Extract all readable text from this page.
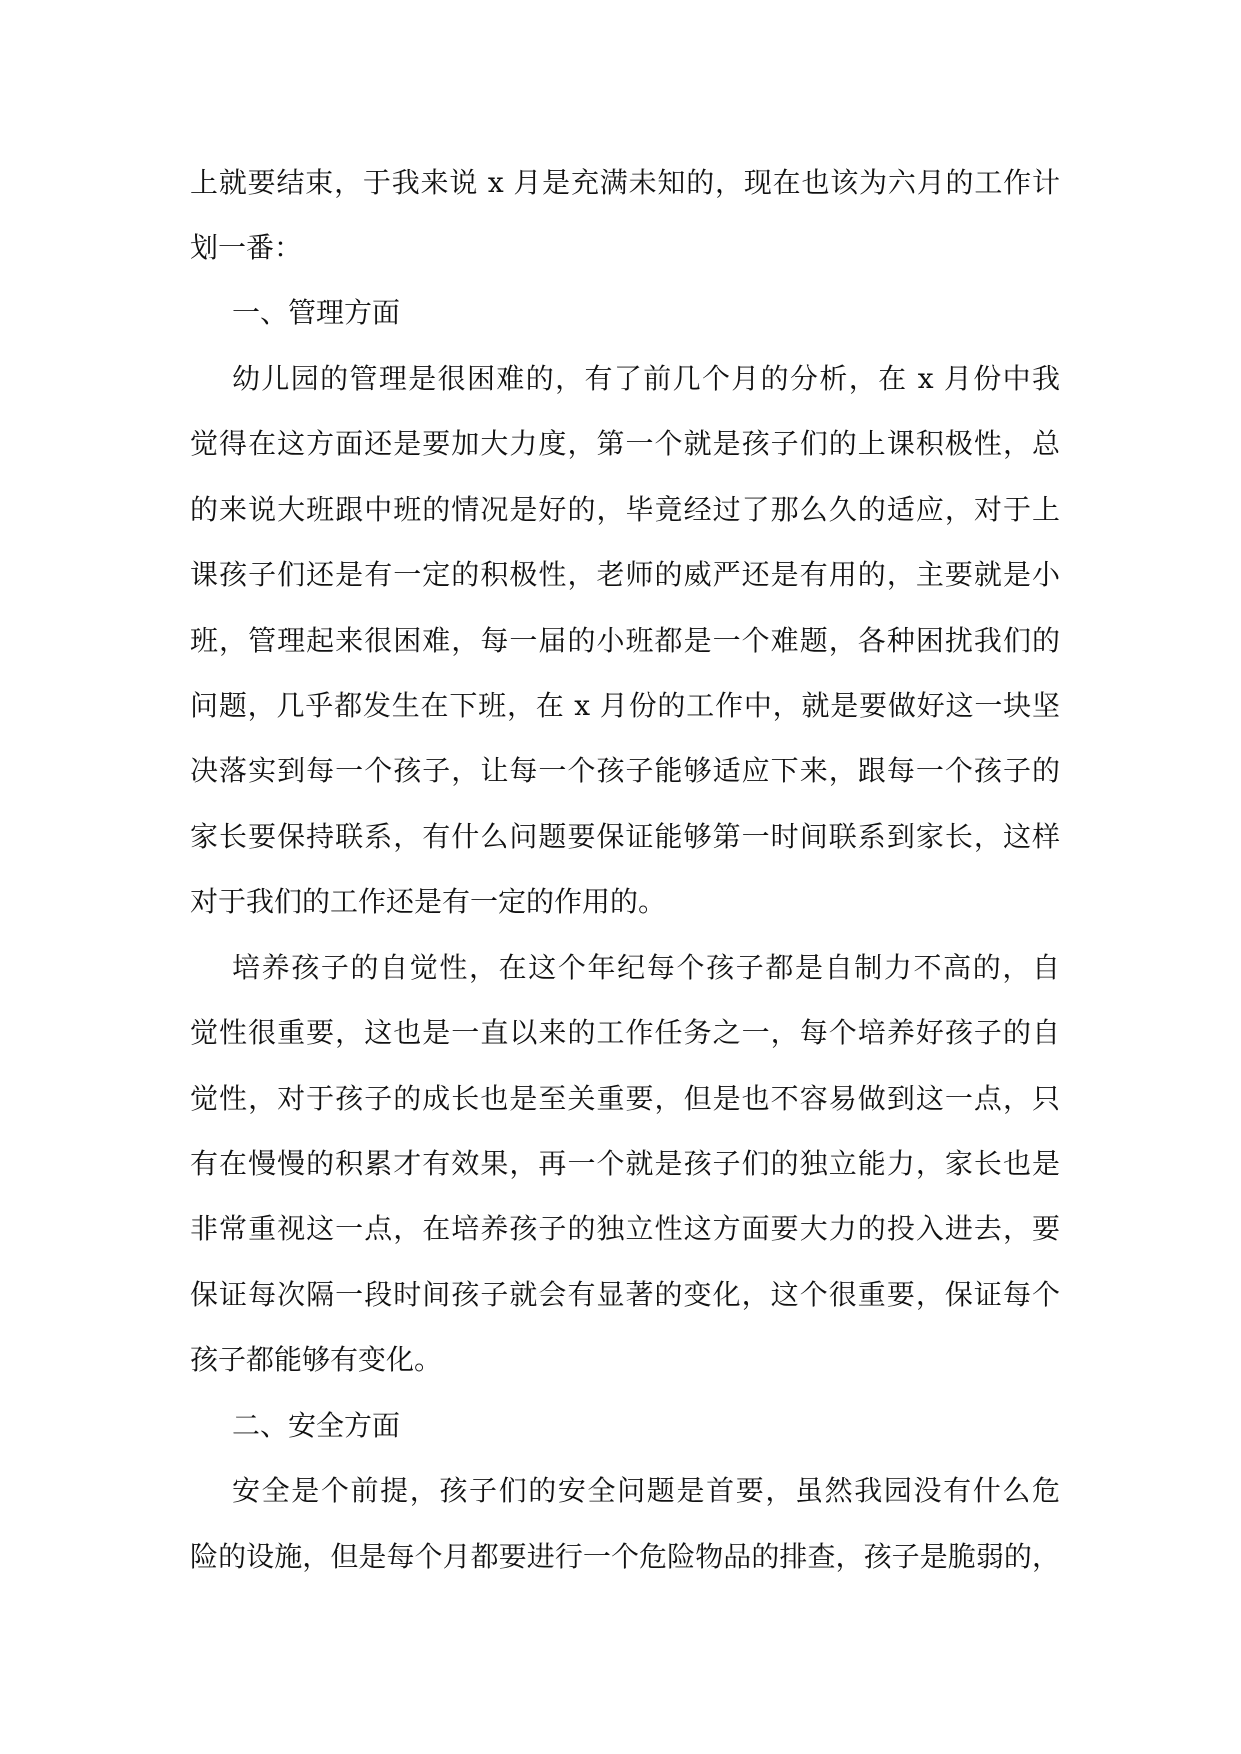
上就要结束，于我来说 x 月是充满未知的，现在也该为六月的工作计

划一番：

一、管理方面

幼儿园的管理是很困难的，有了前几个月的分析，在 x 月份中我

觉得在这方面还是要加大力度，第一个就是孩子们的上课积极性，总

的来说大班跟中班的情况是好的，毕竟经过了那么久的适应，对于上

课孩子们还是有一定的积极性，老师的威严还是有用的，主要就是小

班，管理起来很困难，每一届的小班都是一个难题，各种困扰我们的

问题，几乎都发生在下班，在 x 月份的工作中，就是要做好这一块坚

决落实到每一个孩子，让每一个孩子能够适应下来，跟每一个孩子的

家长要保持联系，有什么问题要保证能够第一时间联系到家长，这样

对于我们的工作还是有一定的作用的。

培养孩子的自觉性，在这个年纪每个孩子都是自制力不高的，自

觉性很重要，这也是一直以来的工作任务之一，每个培养好孩子的自

觉性，对于孩子的成长也是至关重要，但是也不容易做到这一点，只

有在慢慢的积累才有效果，再一个就是孩子们的独立能力，家长也是

非常重视这一点，在培养孩子的独立性这方面要大力的投入进去，要

保证每次隔一段时间孩子就会有显著的变化，这个很重要，保证每个

孩子都能够有变化。

二、安全方面

安全是个前提，孩子们的安全问题是首要，虽然我园没有什么危

险的设施，但是每个月都要进行一个危险物品的排查，孩子是脆弱的，
